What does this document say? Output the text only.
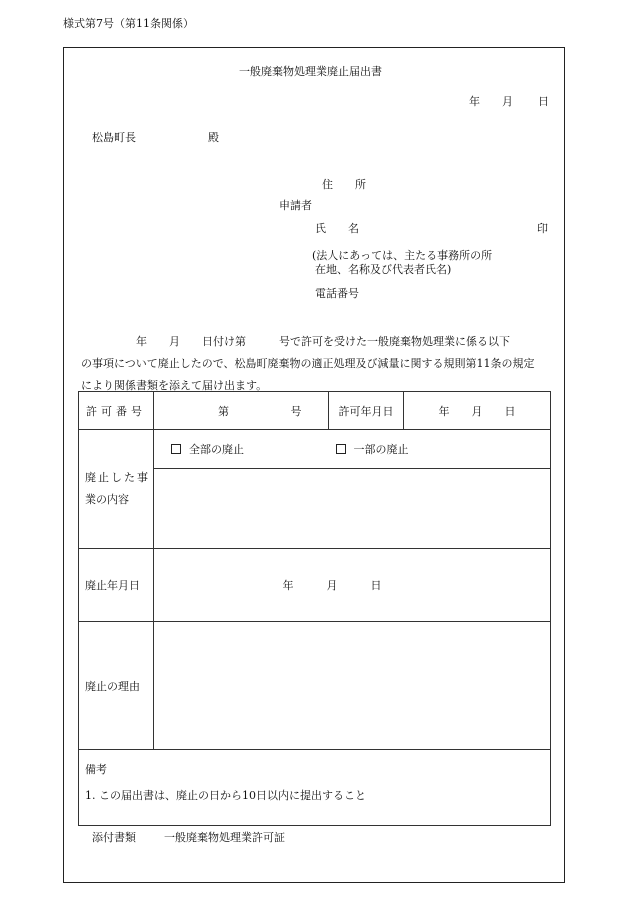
様式第7号（第11条関係）
一般廃棄物処理業廃止届出書
年 月 日
松島町長	殿
住　　所
申請者
氏　　名	印
(法人にあっては、主たる事務所の所
在地、名称及び代表者氏名)
電話番号
　　　　　年　　月　　日付け第　　　号で許可を受けた一般廃棄物処理業に係る以下
の事項について廃止したので、松島町廃棄物の適正処理及び減量に関する規則第11条の規定
により関係書類を添えて届け出ます。
許可番号	第 号	許可年月日	年　　月　　日

廃止した事
業の内容	全部の廃止 一部の廃止		

廃止年月日	年　　　月　　　日		
廃止の理由			

備考
1. この届出書は、廃止の日から10日以内に提出すること			
添付書類	一般廃棄物処理業許可証
